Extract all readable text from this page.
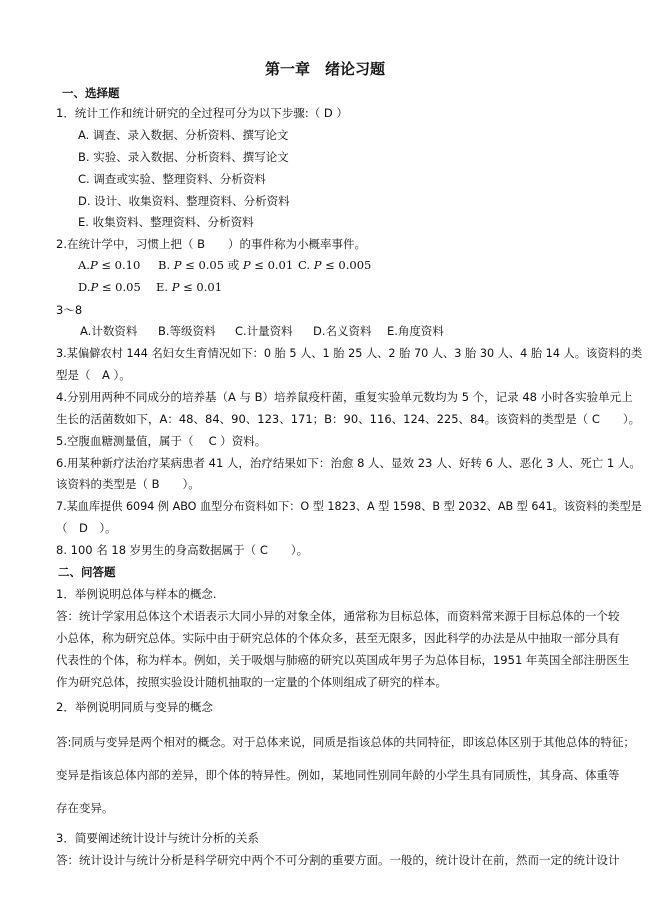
第一章　绪论习题
一、选择题
1．统计工作和统计研究的全过程可分为以下步骤:（ D ）
A. 调查、录入数据、分析资料、撰写论文
B. 实验、录入数据、分析资料、撰写论文
C. 调查或实验、整理资料、分析资料
D. 设计、收集资料、整理资料、分析资料
E. 收集资料、整理资料、分析资料
2.在统计学中，习惯上把（ B　　）的事件称为小概率事件。
A.P ≤ 0.10 B. P ≤ 0.05 或 P ≤ 0.01 C. P ≤ 0.005
D.P ≤ 0.05 E. P ≤ 0.01
3～8
A.计数资料 B.等级资料 C.计量资料 D.名义资料 E.角度资料
3.某偏僻农村 144 名妇女生育情况如下：0 胎 5 人、1 胎 25 人、2 胎 70 人、3 胎 30 人、4 胎 14 人。该资料的类
型是（　A ）。
4.分别用两种不同成分的培养基（A 与 B）培养鼠疫杆菌，重复实验单元数均为 5 个，记录 48 小时各实验单元上
生长的活菌数如下，A：48、84、90、123、171；B：90、116、124、225、84。该资料的类型是（ C　　）。
5.空腹血糖测量值，属于（　 C ）资料。
6.用某种新疗法治疗某病患者 41 人，治疗结果如下：治愈 8 人、显效 23 人、好转 6 人、恶化 3 人、死亡 1 人。
该资料的类型是（ B　　）。
7.某血库提供 6094 例 ABO 血型分布资料如下：O 型 1823、A 型 1598、B 型 2032、AB 型 641。该资料的类型是
（　D　）。
8. 100 名 18 岁男生的身高数据属于（ C　　）。
二、问答题
1．举例说明总体与样本的概念.
答：统计学家用总体这个术语表示大同小异的对象全体，通常称为目标总体，而资料常来源于目标总体的一个较
小总体，称为研究总体。实际中由于研究总体的个体众多，甚至无限多，因此科学的办法是从中抽取一部分具有
代表性的个体，称为样本。例如，关于吸烟与肺癌的研究以英国成年男子为总体目标，1951 年英国全部注册医生
作为研究总体，按照实验设计随机抽取的一定量的个体则组成了研究的样本。
2．举例说明同质与变异的概念
答:同质与变异是两个相对的概念。对于总体来说，同质是指该总体的共同特征，即该总体区别于其他总体的特征；
变异是指该总体内部的差异，即个体的特异性。例如，某地同性别同年龄的小学生具有同质性，其身高、体重等
存在变异。
3．简要阐述统计设计与统计分析的关系
答：统计设计与统计分析是科学研究中两个不可分割的重要方面。一般的，统计设计在前，然而一定的统计设计
